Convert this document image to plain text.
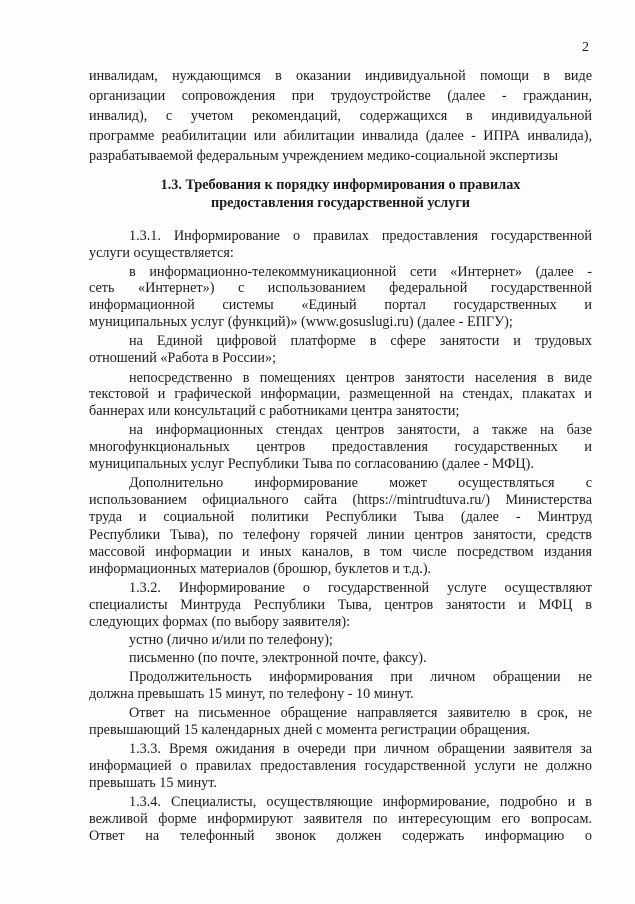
2
инвалидам, нуждающимся в оказании индивидуальной помощи в виде
организации сопровождения при трудоустройстве (далее - гражданин,
инвалид), с учетом рекомендаций, содержащихся в индивидуальной
программе реабилитации или абилитации инвалида (далее - ИПРА инвалида),
разрабатываемой федеральным учреждением медико-социальной экспертизы
1.3. Требования к порядку информирования о правилах
предоставления государственной услуги
1.3.1. Информирование о правилах предоставления государственной
услуги осуществляется:
в информационно-телекоммуникационной сети «Интернет» (далее -
сеть «Интернет») с использованием федеральной государственной
информационной системы «Единый портал государственных и
муниципальных услуг (функций)» (www.gosuslugi.ru) (далее - ЕПГУ);
на Единой цифровой платформе в сфере занятости и трудовых
отношений «Работа в России»;
непосредственно в помещениях центров занятости населения в виде
текстовой и графической информации, размещенной на стендах, плакатах и
баннерах или консультаций с работниками центра занятости;
на информационных стендах центров занятости, а также на базе
многофункциональных центров предоставления государственных и
муниципальных услуг Республики Тыва по согласованию (далее - МФЦ).
Дополнительно информирование может осуществляться с
использованием официального сайта (https://mintrudtuva.ru/) Министерства
труда и социальной политики Республики Тыва (далее - Минтруд
Республики Тыва), по телефону горячей линии центров занятости, средств
массовой информации и иных каналов, в том числе посредством издания
информационных материалов (брошюр, буклетов и т.д.).
1.3.2. Информирование о государственной услуге осуществляют
специалисты Минтруда Республики Тыва, центров занятости и МФЦ в
следующих формах (по выбору заявителя):
устно (лично и/или по телефону);
письменно (по почте, электронной почте, факсу).
Продолжительность информирования при личном обращении не
должна превышать 15 минут, по телефону - 10 минут.
Ответ на письменное обращение направляется заявителю в срок, не
превышающий 15 календарных дней с момента регистрации обращения.
1.3.3. Время ожидания в очереди при личном обращении заявителя за
информацией о правилах предоставления государственной услуги не должно
превышать 15 минут.
1.3.4. Специалисты, осуществляющие информирование, подробно и в
вежливой форме информируют заявителя по интересующим его вопросам.
Ответ на телефонный звонок должен содержать информацию о
